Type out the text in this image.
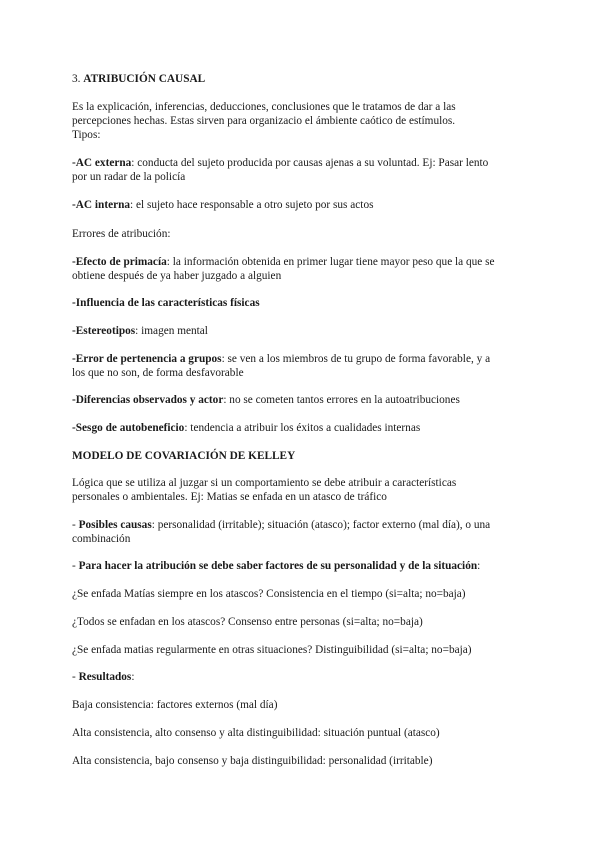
3. ATRIBUCIÓN CAUSAL

Es la explicación, inferencias, deducciones, conclusiones que le tratamos de dar a las
percepciones hechas. Estas sirven para organizacio el ámbiente caótico de estímulos.
Tipos:

-AC externa: conducta del sujeto producida por causas ajenas a su voluntad. Ej: Pasar lento
por un radar de la policía

-AC interna: el sujeto hace responsable a otro sujeto por sus actos

Errores de atribución:

-Efecto de primacía: la información obtenida en primer lugar tiene mayor peso que la que se
obtiene después de ya haber juzgado a alguien

-Influencia de las características físicas

-Estereotipos: imagen mental

-Error de pertenencia a grupos: se ven a los miembros de tu grupo de forma favorable, y a
los que no son, de forma desfavorable

-Diferencias observados y actor: no se cometen tantos errores en la autoatribuciones

-Sesgo de autobeneficio: tendencia a atribuir los éxitos a cualidades internas

MODELO DE COVARIACIÓN DE KELLEY

Lógica que se utiliza al juzgar si un comportamiento se debe atribuir a características
personales o ambientales. Ej: Matias se enfada en un atasco de tráfico

- Posibles causas: personalidad (irritable); situación (atasco); factor externo (mal día), o una
combinación

- Para hacer la atribución se debe saber factores de su personalidad y de la situación:

¿Se enfada Matías siempre en los atascos? Consistencia en el tiempo (si=alta; no=baja)

¿Todos se enfadan en los atascos? Consenso entre personas (si=alta; no=baja)

¿Se enfada matias regularmente en otras situaciones? Distinguibilidad (si=alta; no=baja)

- Resultados:

Baja consistencia: factores externos (mal día)

Alta consistencia, alto consenso y alta distinguibilidad: situación puntual (atasco)

Alta consistencia, bajo consenso y baja distinguibilidad: personalidad (irritable)
